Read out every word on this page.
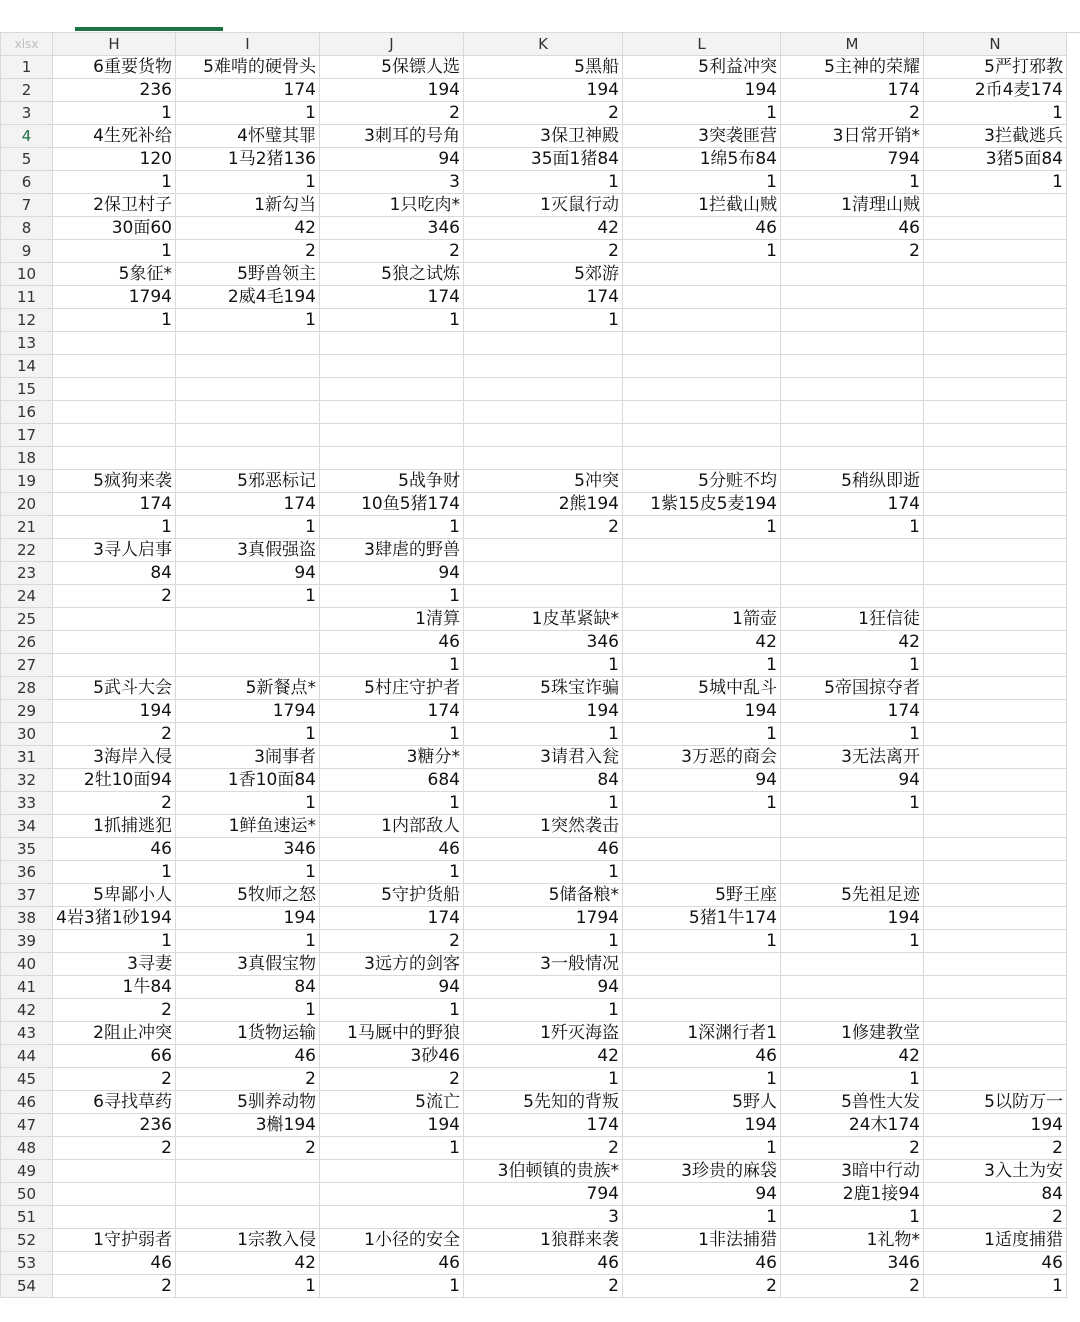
xlsx	H	I	J	K	L	M	N
1	6重要货物	5难啃的硬骨头	5保镖人选	5黑船	5利益冲突	5主神的荣耀	5严打邪教
2	236	174	194	194	194	174	2币4麦174
3	1	1	2	2	1	2	1
4	4生死补给	4怀璧其罪	3刺耳的号角	3保卫神殿	3突袭匪营	3日常开销*	3拦截逃兵
5	120	1马2猪136	94	35面1猪84	1绵5布84	794	3猪5面84
6	1	1	3	1	1	1	1
7	2保卫村子	1新勾当	1只吃肉*	1灭鼠行动	1拦截山贼	1清理山贼	
8	30面60	42	346	42	46	46	
9	1	2	2	2	1	2	
10	5象征*	5野兽领主	5狼之试炼	5郊游			
11	1794	2威4毛194	174	174			
12	1	1	1	1			
13							
14							
15							
16							
17							
18							
19	5疯狗来袭	5邪恶标记	5战争财	5冲突	5分赃不均	5稍纵即逝	
20	174	174	10鱼5猪174	2熊194	1紫15皮5麦194	174	
21	1	1	1	2	1	1	
22	3寻人启事	3真假强盗	3肆虐的野兽				
23	84	94	94				
24	2	1	1				
25			1清算	1皮革紧缺*	1箭壶	1狂信徒	
26			46	346	42	42	
27			1	1	1	1	
28	5武斗大会	5新餐点*	5村庄守护者	5珠宝诈骗	5城中乱斗	5帝国掠夺者	
29	194	1794	174	194	194	174	
30	2	1	1	1	1	1	
31	3海岸入侵	3闹事者	3糖分*	3请君入瓮	3万恶的商会	3无法离开	
32	2牡10面94	1香10面84	684	84	94	94	
33	2	1	1	1	1	1	
34	1抓捕逃犯	1鲜鱼速运*	1内部敌人	1突然袭击			
35	46	346	46	46			
36	1	1	1	1			
37	5卑鄙小人	5牧师之怒	5守护货船	5储备粮*	5野王座	5先祖足迹	
38	4岩3猪1砂194	194	174	1794	5猪1牛174	194	
39	1	1	2	1	1	1	
40	3寻妻	3真假宝物	3远方的剑客	3一般情况			
41	1牛84	84	94	94			
42	2	1	1	1			
43	2阻止冲突	1货物运输	1马厩中的野狼	1歼灭海盗	1深渊行者1	1修建教堂	
44	66	46	3砂46	42	46	42	
45	2	2	2	1	1	1	
46	6寻找草药	5驯养动物	5流亡	5先知的背叛	5野人	5兽性大发	5以防万一
47	236	3槲194	194	174	194	24木174	194
48	2	2	1	2	1	2	2
49				3伯顿镇的贵族*	3珍贵的麻袋	3暗中行动	3入土为安
50				794	94	2鹿1接94	84
51				3	1	1	2
52	1守护弱者	1宗教入侵	1小径的安全	1狼群来袭	1非法捕猎	1礼物*	1适度捕猎
53	46	42	46	46	46	346	46
54	2	1	1	2	2	2	1
